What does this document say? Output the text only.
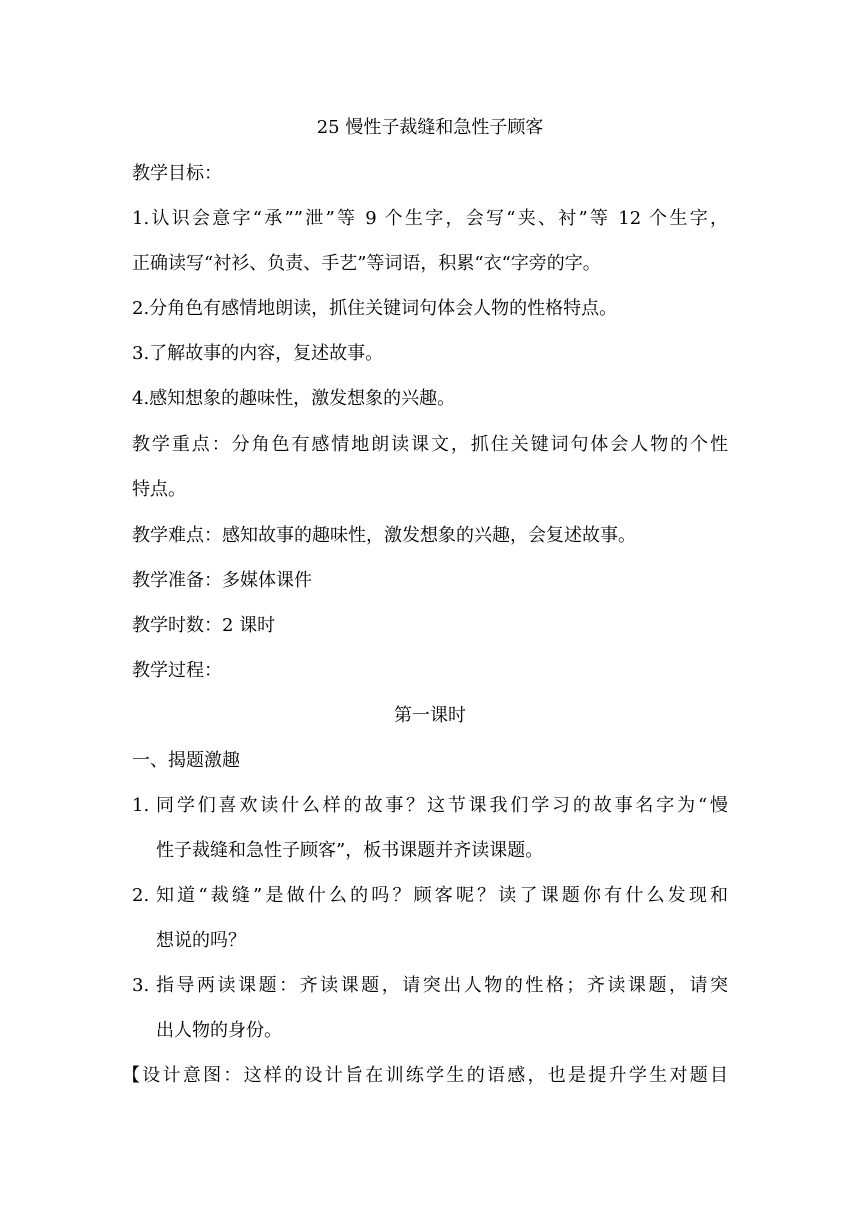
25 慢性子裁缝和急性子顾客
教学目标：
1.认识会意字“承””泄”等 9 个生字，会写“夹、衬”等 12 个生字，
正确读写“衬衫、负责、手艺”等词语，积累“衣“字旁的字。
2.分角色有感情地朗读，抓住关键词句体会人物的性格特点。
3.了解故事的内容，复述故事。
4.感知想象的趣味性，激发想象的兴趣。
教学重点：分角色有感情地朗读课文，抓住关键词句体会人物的个性
特点。
教学难点：感知故事的趣味性，激发想象的兴趣，会复述故事。
教学准备：多媒体课件
教学时数：2 课时
教学过程：
第一课时
一、揭题激趣
1. 同学们喜欢读什么样的故事？这节课我们学习的故事名字为“慢
性子裁缝和急性子顾客”，板书课题并齐读课题。
2. 知道“裁缝”是做什么的吗？顾客呢？读了课题你有什么发现和
想说的吗？
3. 指导两读课题：齐读课题，请突出人物的性格；齐读课题，请突
出人物的身份。
【设计意图：这样的设计旨在训练学生的语感，也是提升学生对题目
